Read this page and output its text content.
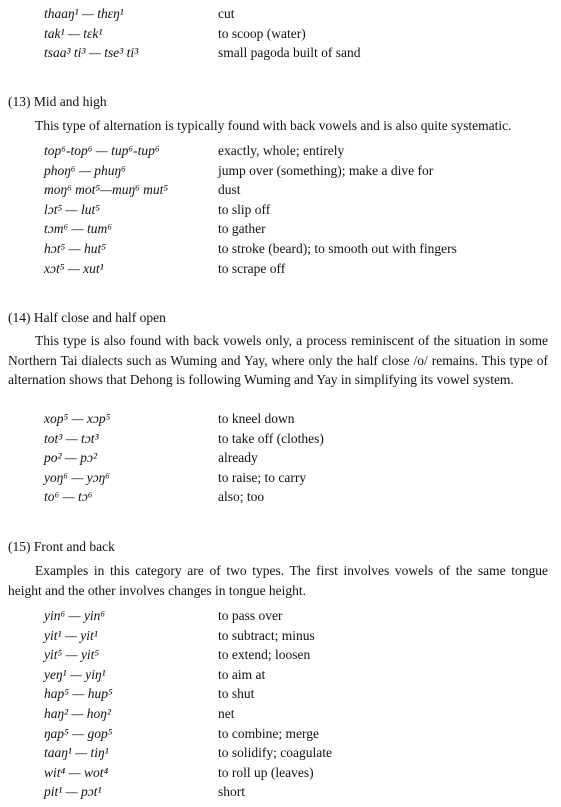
thaaŋ¹ — thɛŋ¹	cut
tak¹ — tɛk¹	to scoop (water)
tsaa³ ti³ — tse³ ti³	small pagoda built of sand
(13) Mid and high
This type of alternation is typically found with back vowels and is also quite systematic.
top⁶-top⁶ — tup⁶-tup⁶	exactly, whole; entirely
phoŋ⁶ — phuŋ⁶	jump over (something); make a dive for
moŋ⁶ mot⁵—muŋ⁶ mut⁵	dust
lɔt⁵ — lut⁵	to slip off
tɔm⁶ — tum⁶	to gather
hɔt⁵ — hut⁵	to stroke (beard); to smooth out with fingers
xɔt⁵ — xut¹	to scrape off
(14) Half close and half open
This type is also found with back vowels only, a process reminiscent of the situation in some Northern Tai dialects such as Wuming and Yay, where only the half close /o/ remains. This type of alternation shows that Dehong is following Wuming and Yay in simplifying its vowel system.
xop⁵ — xɔp⁵	to kneel down
tot³ — tɔt³	to take off (clothes)
po² — pɔ²	already
yoŋ⁶ — yɔŋ⁶	to raise; to carry
to⁶ — tɔ⁶	also; too
(15) Front and back
Examples in this category are of two types. The first involves vowels of the same tongue height and the other involves changes in tongue height.
yin⁶ — yin⁶	to pass over
yit¹ — yit¹	to subtract; minus
yit⁵ — yit⁵	to extend; loosen
yeŋ¹ — yiŋ¹	to aim at
hap⁵ — hup⁵	to shut
haŋ² — hoŋ²	net
ŋap⁵ — gop⁵	to combine; merge
taaŋ¹ — tiŋ¹	to solidify; coagulate
wit⁴ — wot⁴	to roll up (leaves)
pit¹ — pɔt¹	short
